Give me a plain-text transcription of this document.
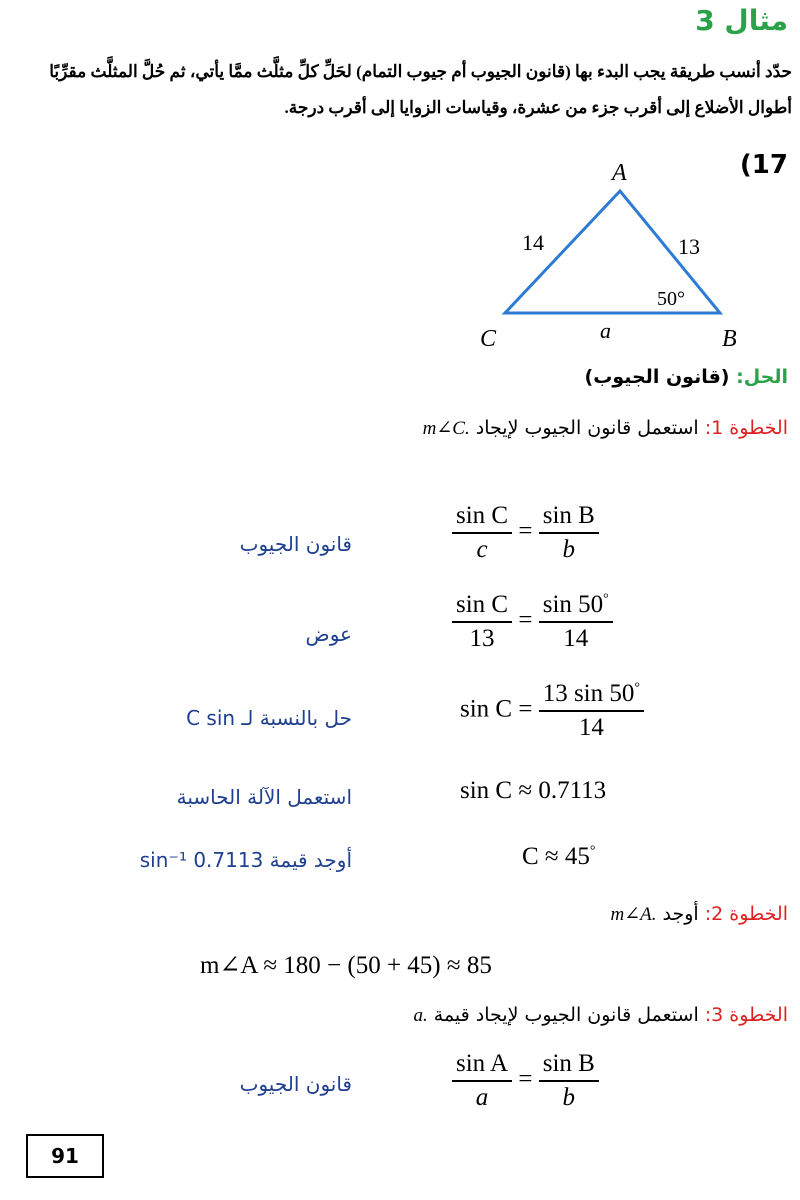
مثال 3
حدّد أنسب طريقة يجب البدء بها (قانون الجيوب أم جيوب التمام) لحَلِّ كلِّ مثلَّث ممَّا يأتي، ثم حُلَّ المثلَّث مقرِّبًا أطوال الأضلاع إلى أقرب جزء من عشرة، وقياسات الزوايا إلى أقرب درجة.
(17
A
C	B
14	13
50°
a
الحل: (قانون الجيوب)
الخطوة 1: استعمل قانون الجيوب لإيجاد m∠C.
قانون الجيوب	$\frac{\text{sin C}}{c} = \frac{\text{sin B}}{b}$
عوض	$\frac{\text{sin C}}{13} = \frac{\sin 50^\circ}{14}$
حل بالنسبة لـ C sin	$\sin C = \frac{13 \sin 50^\circ}{14}$
استعمل الآلة الحاسبة	sin C ≈ 0.7113
أوجد قيمة sin⁻¹ 0.7113	C ≈ 45°
الخطوة 2: أوجد m∠A.
m∠A ≈ 180 − (50 + 45) ≈ 85
الخطوة 3: استعمل قانون الجيوب لإيجاد قيمة a.
قانون الجيوب	$\frac{\text{sin A}}{a} = \frac{\text{sin B}}{b}$
91
